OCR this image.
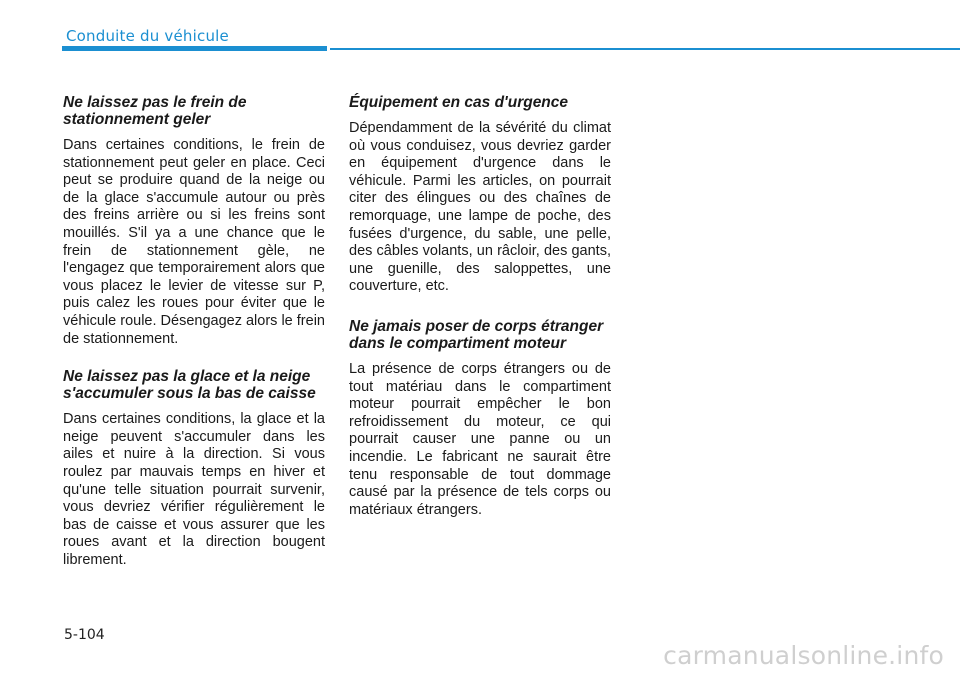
Conduite du véhicule
Ne laissez pas le frein de stationnement geler

Dans certaines conditions, le frein de stationnement peut geler en place. Ceci peut se produire quand de la neige ou de la glace s'accumule autour ou près des freins arrière ou si les freins sont mouillés. S'il ya a une chance que le frein de stationnement gèle, ne l'engagez que temporairement alors que vous placez le levier de vitesse sur P, puis calez les roues pour éviter que le véhicule roule. Désengagez alors le frein de stationnement.

Ne laissez pas la glace et la neige s'accumuler sous la bas de caisse

Dans certaines conditions, la glace et la neige peuvent s'accumuler dans les ailes et nuire à la direction. Si vous roulez par mauvais temps en hiver et qu'une telle situation pourrait survenir, vous devriez vérifier régulièrement le bas de caisse et vous assurer que les roues avant et la direction bougent librement.

Équipement en cas d'urgence

Dépendamment de la sévérité du climat où vous conduisez, vous devriez garder en équipement d'urgence dans le véhicule. Parmi les articles, on pourrait citer des élingues ou des chaînes de remorquage, une lampe de poche, des fusées d'urgence, du sable, une pelle, des câbles volants, un râcloir, des gants, une guenille, des saloppettes, une couverture, etc.

Ne jamais poser de corps étranger dans le compartiment moteur

La présence de corps étrangers ou de tout matériau dans le compartiment moteur pourrait empêcher le bon refroidissement du moteur, ce qui pourrait causer une panne ou un incendie. Le fabricant ne saurait être tenu responsable de tout dommage causé par la présence de tels corps ou matériaux étrangers.

5-104
carmanualsonline.info
